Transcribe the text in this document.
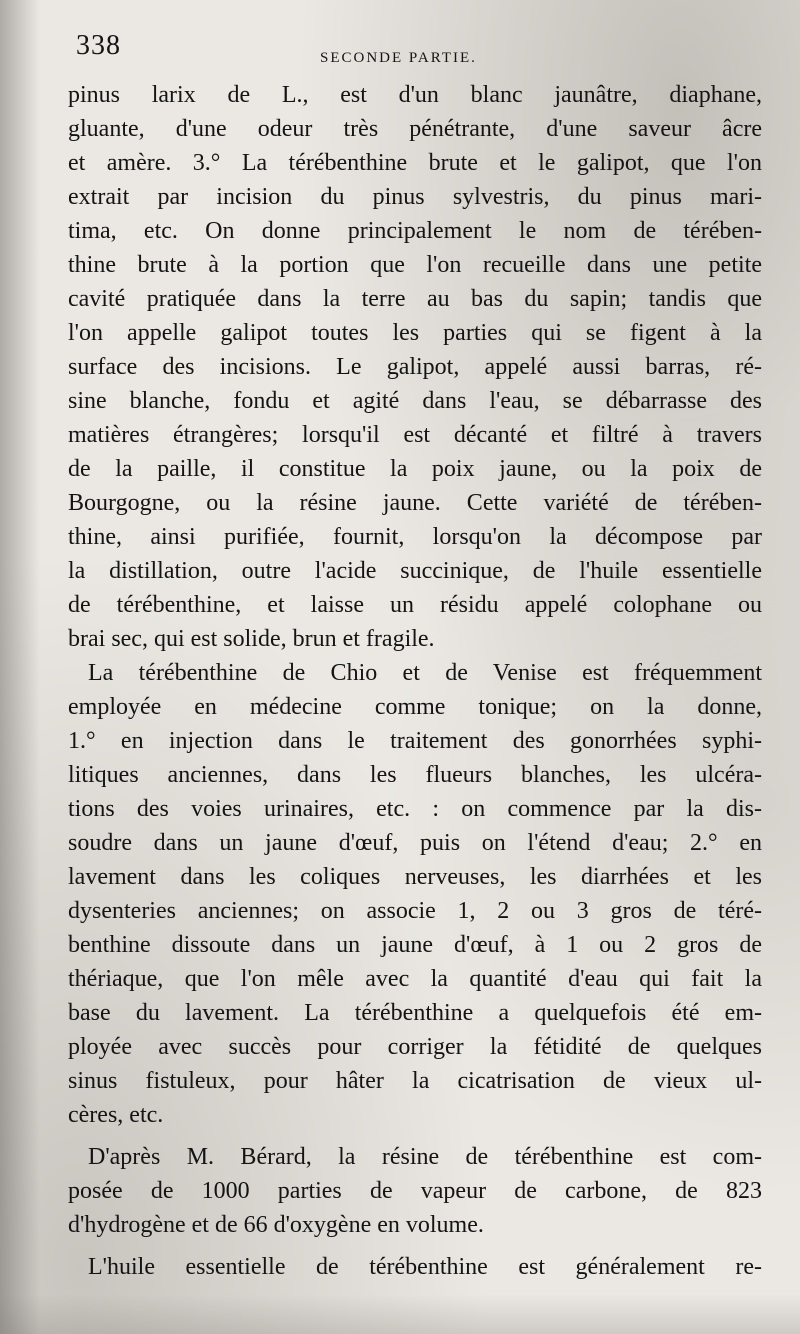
338	SECONDE PARTIE.
pinus larix de L., est d'un blanc jaunâtre, diaphane,
gluante, d'une odeur très pénétrante, d'une saveur âcre
et amère. 3.° La térébenthine brute et le galipot, que l'on
extrait par incision du pinus sylvestris, du pinus mari-
tima, etc. On donne principalement le nom de térében-
thine brute à la portion que l'on recueille dans une petite
cavité pratiquée dans la terre au bas du sapin; tandis que
l'on appelle galipot toutes les parties qui se figent à la
surface des incisions. Le galipot, appelé aussi barras, ré-
sine blanche, fondu et agité dans l'eau, se débarrasse des
matières étrangères; lorsqu'il est décanté et filtré à travers
de la paille, il constitue la poix jaune, ou la poix de
Bourgogne, ou la résine jaune. Cette variété de térében-
thine, ainsi purifiée, fournit, lorsqu'on la décompose par
la distillation, outre l'acide succinique, de l'huile essentielle
de térébenthine, et laisse un résidu appelé colophane ou
brai sec, qui est solide, brun et fragile.
La térébenthine de Chio et de Venise est fréquemment
employée en médecine comme tonique; on la donne,
1.° en injection dans le traitement des gonorrhées syphi-
litiques anciennes, dans les flueurs blanches, les ulcéra-
tions des voies urinaires, etc. : on commence par la dis-
soudre dans un jaune d'œuf, puis on l'étend d'eau; 2.° en
lavement dans les coliques nerveuses, les diarrhées et les
dysenteries anciennes; on associe 1, 2 ou 3 gros de téré-
benthine dissoute dans un jaune d'œuf, à 1 ou 2 gros de
thériaque, que l'on mêle avec la quantité d'eau qui fait la
base du lavement. La térébenthine a quelquefois été em-
ployée avec succès pour corriger la fétidité de quelques
sinus fistuleux, pour hâter la cicatrisation de vieux ul-
cères, etc.
D'après M. Bérard, la résine de térébenthine est com-
posée de 1000 parties de vapeur de carbone, de 823
d'hydrogène et de 66 d'oxygène en volume.
L'huile essentielle de térébenthine est généralement re-
